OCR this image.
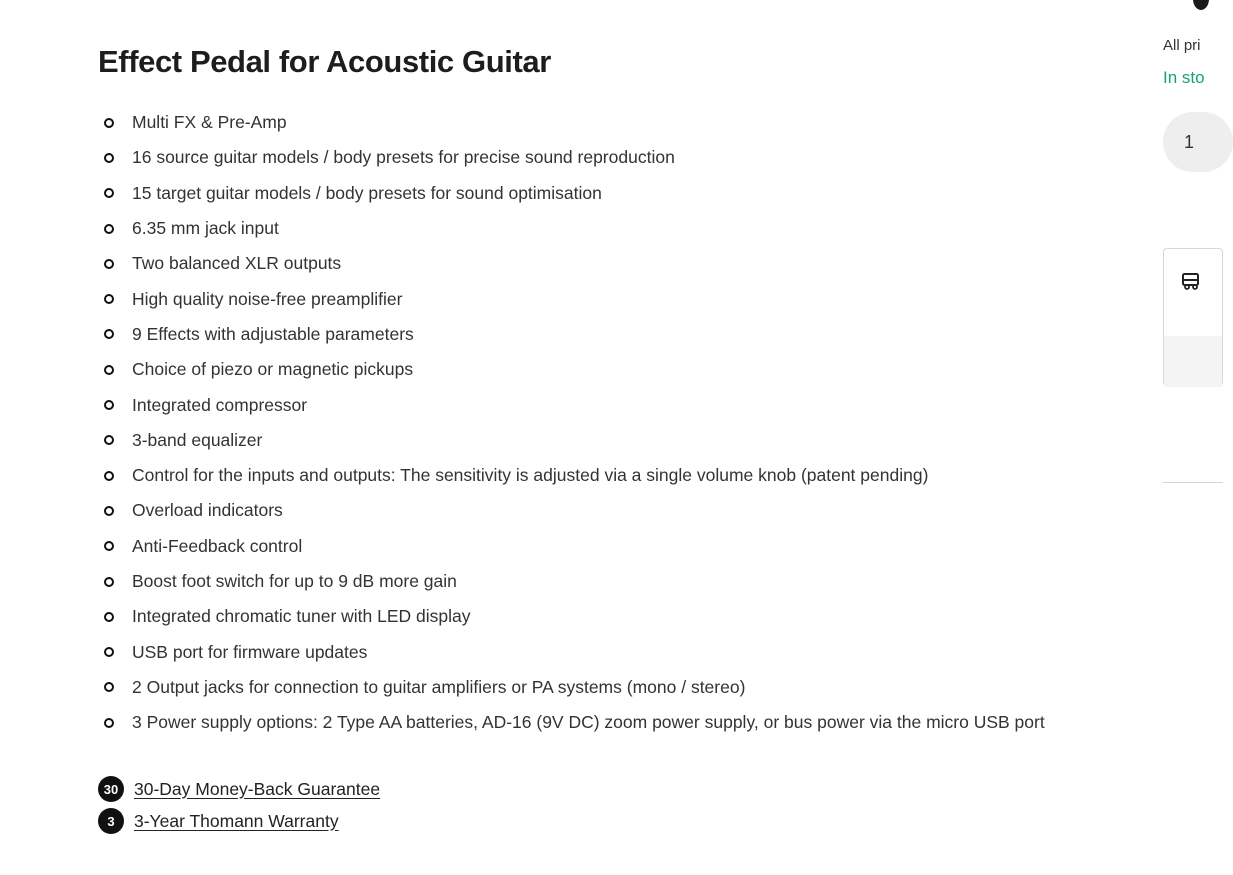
Effect Pedal for Acoustic Guitar
Multi FX & Pre-Amp
16 source guitar models / body presets for precise sound reproduction
15 target guitar models / body presets for sound optimisation
6.35 mm jack input
Two balanced XLR outputs
High quality noise-free preamplifier
9 Effects with adjustable parameters
Choice of piezo or magnetic pickups
Integrated compressor
3-band equalizer
Control for the inputs and outputs: The sensitivity is adjusted via a single volume knob (patent pending)
Overload indicators
Anti-Feedback control
Boost foot switch for up to 9 dB more gain
Integrated chromatic tuner with LED display
USB port for firmware updates
2 Output jacks for connection to guitar amplifiers or PA systems (mono / stereo)
3 Power supply options: 2 Type AA batteries, AD-16 (9V DC) zoom power supply, or bus power via the micro USB port
30 30-Day Money-Back Guarantee
3	3-Year Thomann Warranty
All pri
In sto
1
